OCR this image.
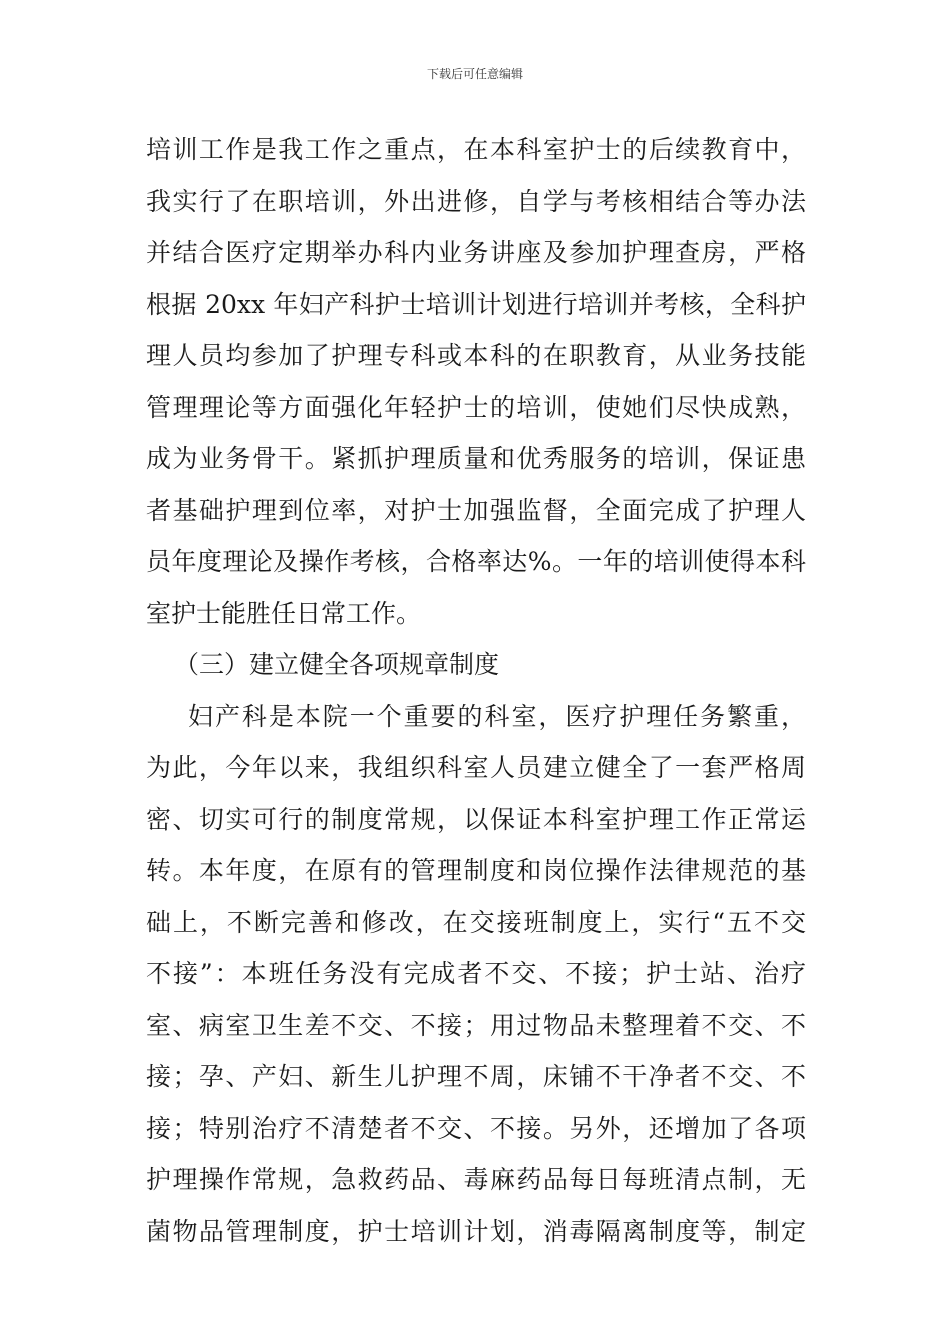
下载后可任意编辑
培训工作是我工作之重点，在本科室护士的后续教育中，
我实行了在职培训，外出进修，自学与考核相结合等办法
并结合医疗定期举办科内业务讲座及参加护理查房，严格
根据 20xx 年妇产科护士培训计划进行培训并考核，全科护
理人员均参加了护理专科或本科的在职教育，从业务技能
管理理论等方面强化年轻护士的培训，使她们尽快成熟，
成为业务骨干。紧抓护理质量和优秀服务的培训，保证患
者基础护理到位率，对护士加强监督，全面完成了护理人
员年度理论及操作考核，合格率达%。一年的培训使得本科
室护士能胜任日常工作。
（三）建立健全各项规章制度
妇产科是本院一个重要的科室，医疗护理任务繁重，
为此，今年以来，我组织科室人员建立健全了一套严格周
密、切实可行的制度常规，以保证本科室护理工作正常运
转。本年度，在原有的管理制度和岗位操作法律规范的基
础上，不断完善和修改，在交接班制度上，实行“五不交
不接”：本班任务没有完成者不交、不接；护士站、治疗
室、病室卫生差不交、不接；用过物品未整理着不交、不
接；孕、产妇、新生儿护理不周，床铺不干净者不交、不
接；特别治疗不清楚者不交、不接。另外，还增加了各项
护理操作常规，急救药品、毒麻药品每日每班清点制，无
菌物品管理制度，护士培训计划，消毒隔离制度等，制定
